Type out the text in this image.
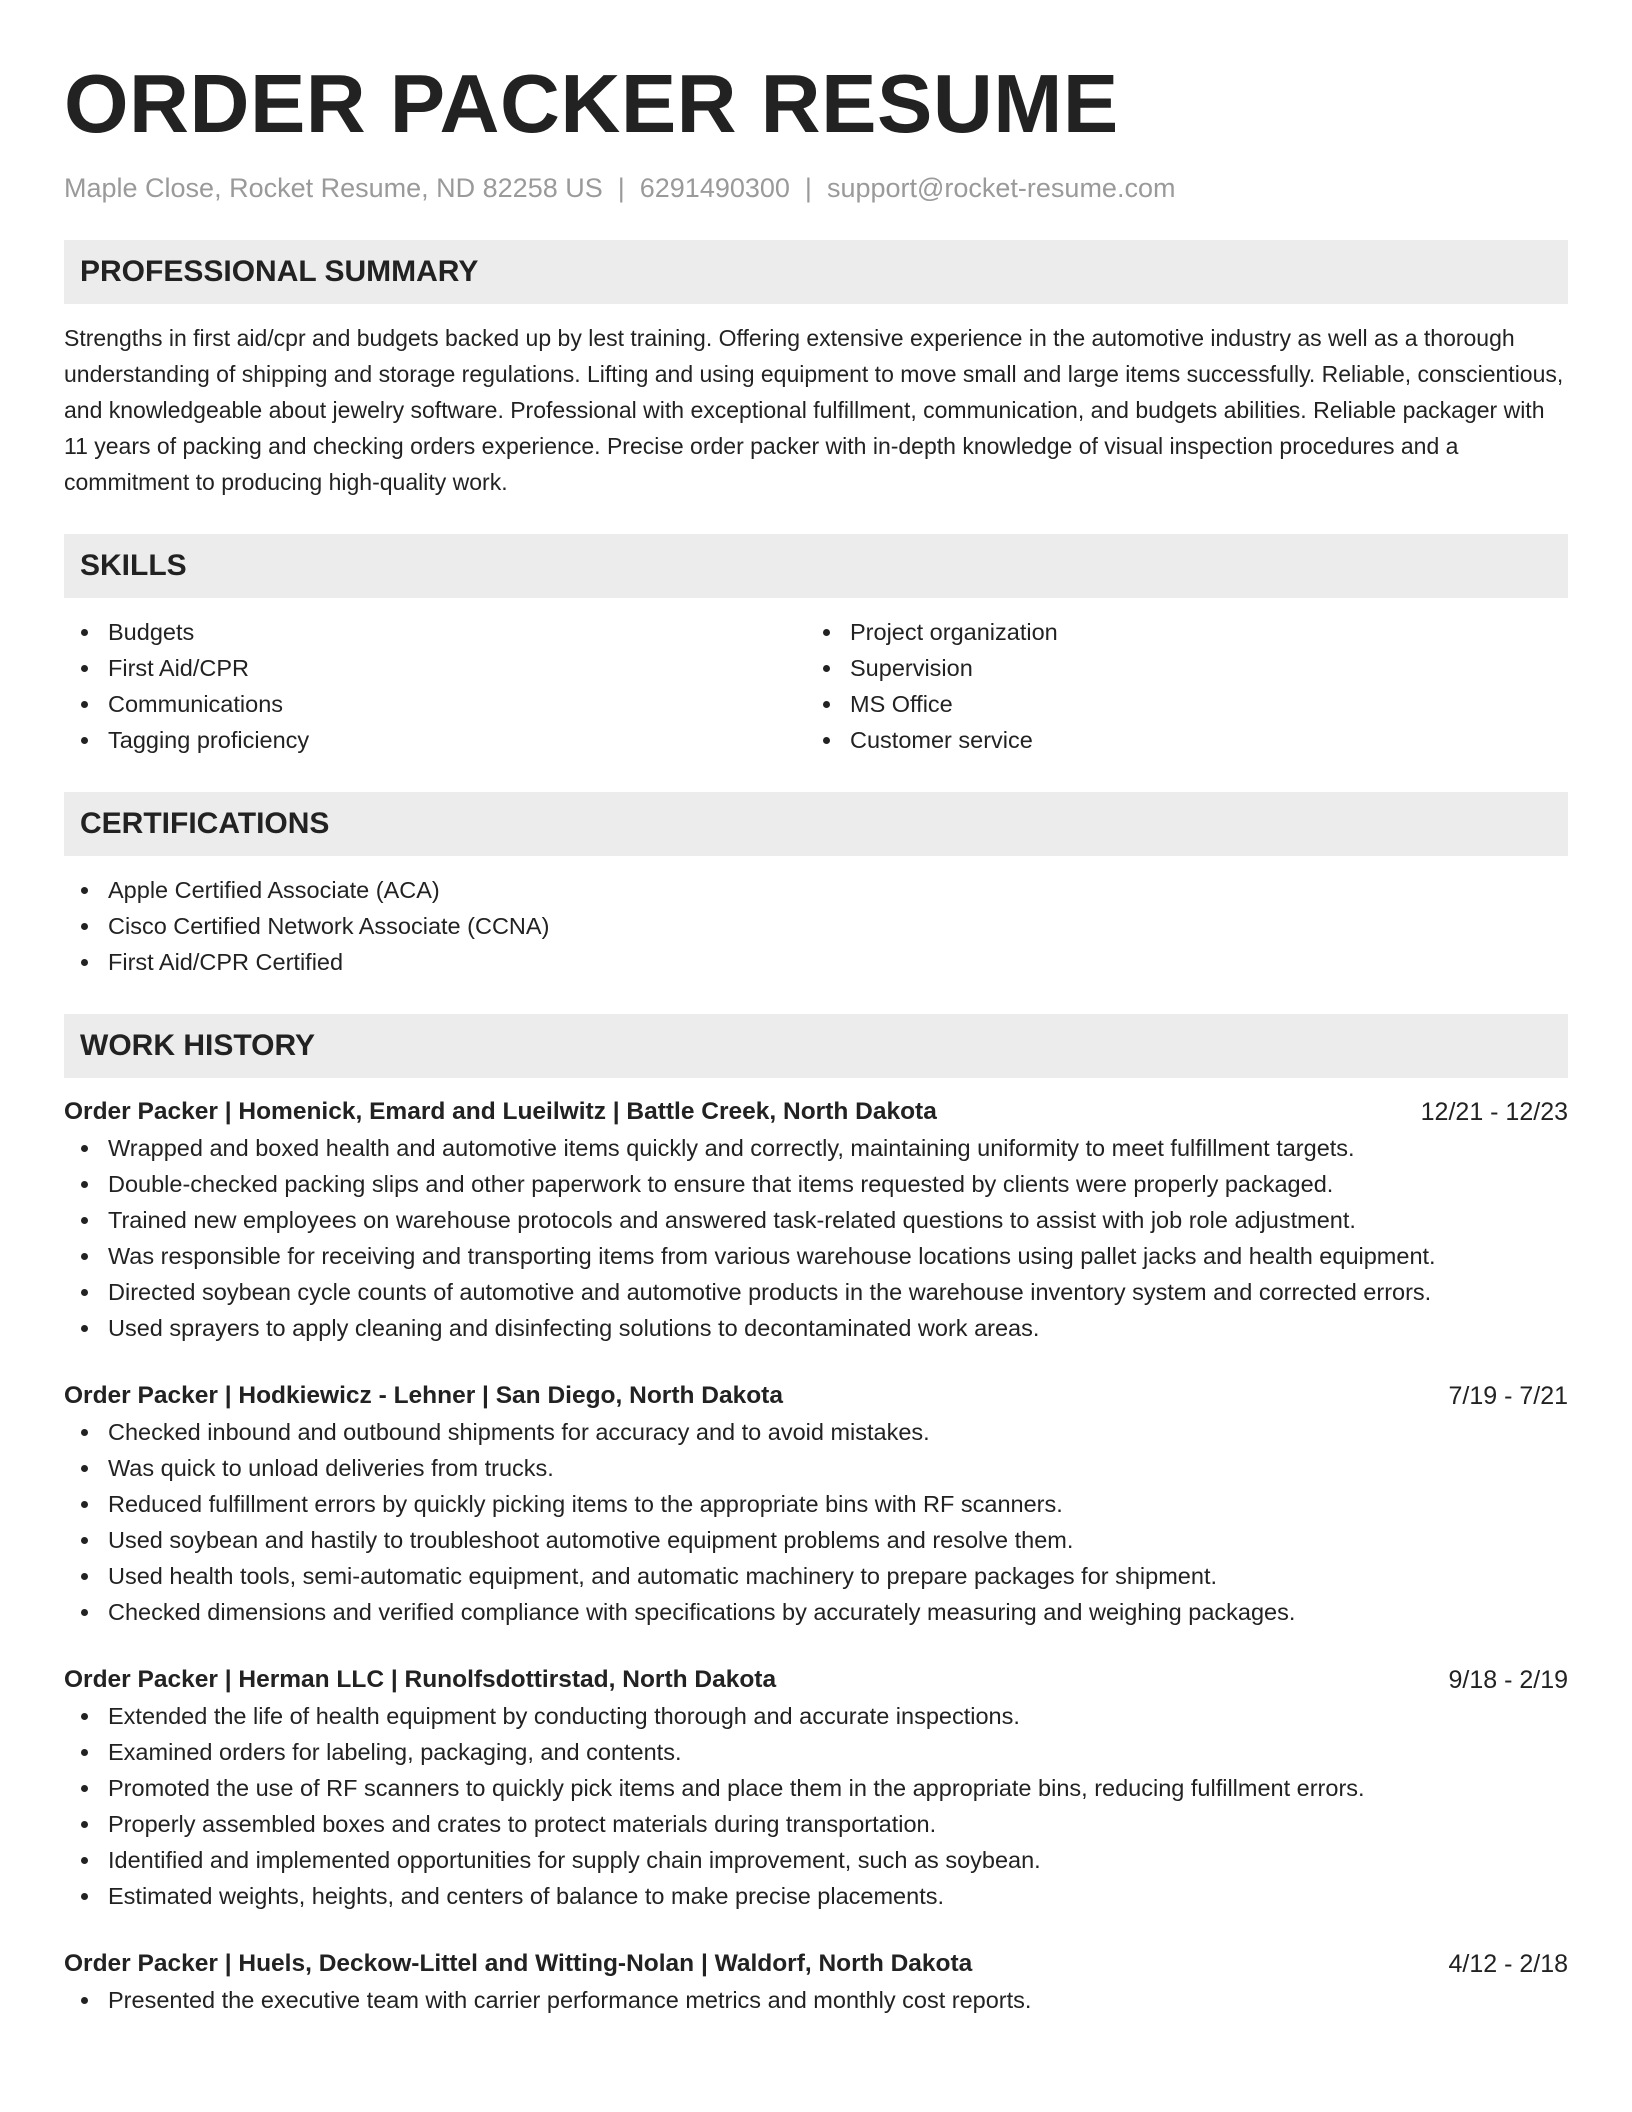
ORDER PACKER RESUME
Maple Close, Rocket Resume, ND 82258 US | 6291490300 | support@rocket-resume.com
PROFESSIONAL SUMMARY

Strengths in first aid/cpr and budgets backed up by lest training. Offering extensive experience in the automotive industry as well as a thorough understanding of shipping and storage regulations. Lifting and using equipment to move small and large items successfully. Reliable, conscientious, and knowledgeable about jewelry software. Professional with exceptional fulfillment, communication, and budgets abilities. Reliable packager with 11 years of packing and checking orders experience. Precise order packer with in-depth knowledge of visual inspection procedures and a commitment to producing high-quality work.

SKILLS
Budgets
First Aid/CPR
Communications
Tagging proficiency
Project organization
Supervision
MS Office
Customer service
CERTIFICATIONS
Apple Certified Associate (ACA)
Cisco Certified Network Associate (CCNA)
First Aid/CPR Certified
WORK HISTORY
Order Packer | Homenick, Emard and Lueilwitz | Battle Creek, North Dakota	12/21 - 12/23
Wrapped and boxed health and automotive items quickly and correctly, maintaining uniformity to meet fulfillment targets.
Double-checked packing slips and other paperwork to ensure that items requested by clients were properly packaged.
Trained new employees on warehouse protocols and answered task-related questions to assist with job role adjustment.
Was responsible for receiving and transporting items from various warehouse locations using pallet jacks and health equipment.
Directed soybean cycle counts of automotive and automotive products in the warehouse inventory system and corrected errors.
Used sprayers to apply cleaning and disinfecting solutions to decontaminated work areas.
Order Packer | Hodkiewicz - Lehner | San Diego, North Dakota	7/19 - 7/21
Checked inbound and outbound shipments for accuracy and to avoid mistakes.
Was quick to unload deliveries from trucks.
Reduced fulfillment errors by quickly picking items to the appropriate bins with RF scanners.
Used soybean and hastily to troubleshoot automotive equipment problems and resolve them.
Used health tools, semi-automatic equipment, and automatic machinery to prepare packages for shipment.
Checked dimensions and verified compliance with specifications by accurately measuring and weighing packages.
Order Packer | Herman LLC | Runolfsdottirstad, North Dakota	9/18 - 2/19
Extended the life of health equipment by conducting thorough and accurate inspections.
Examined orders for labeling, packaging, and contents.
Promoted the use of RF scanners to quickly pick items and place them in the appropriate bins, reducing fulfillment errors.
Properly assembled boxes and crates to protect materials during transportation.
Identified and implemented opportunities for supply chain improvement, such as soybean.
Estimated weights, heights, and centers of balance to make precise placements.
Order Packer | Huels, Deckow-Littel and Witting-Nolan | Waldorf, North Dakota	4/12 - 2/18
Presented the executive team with carrier performance metrics and monthly cost reports.
